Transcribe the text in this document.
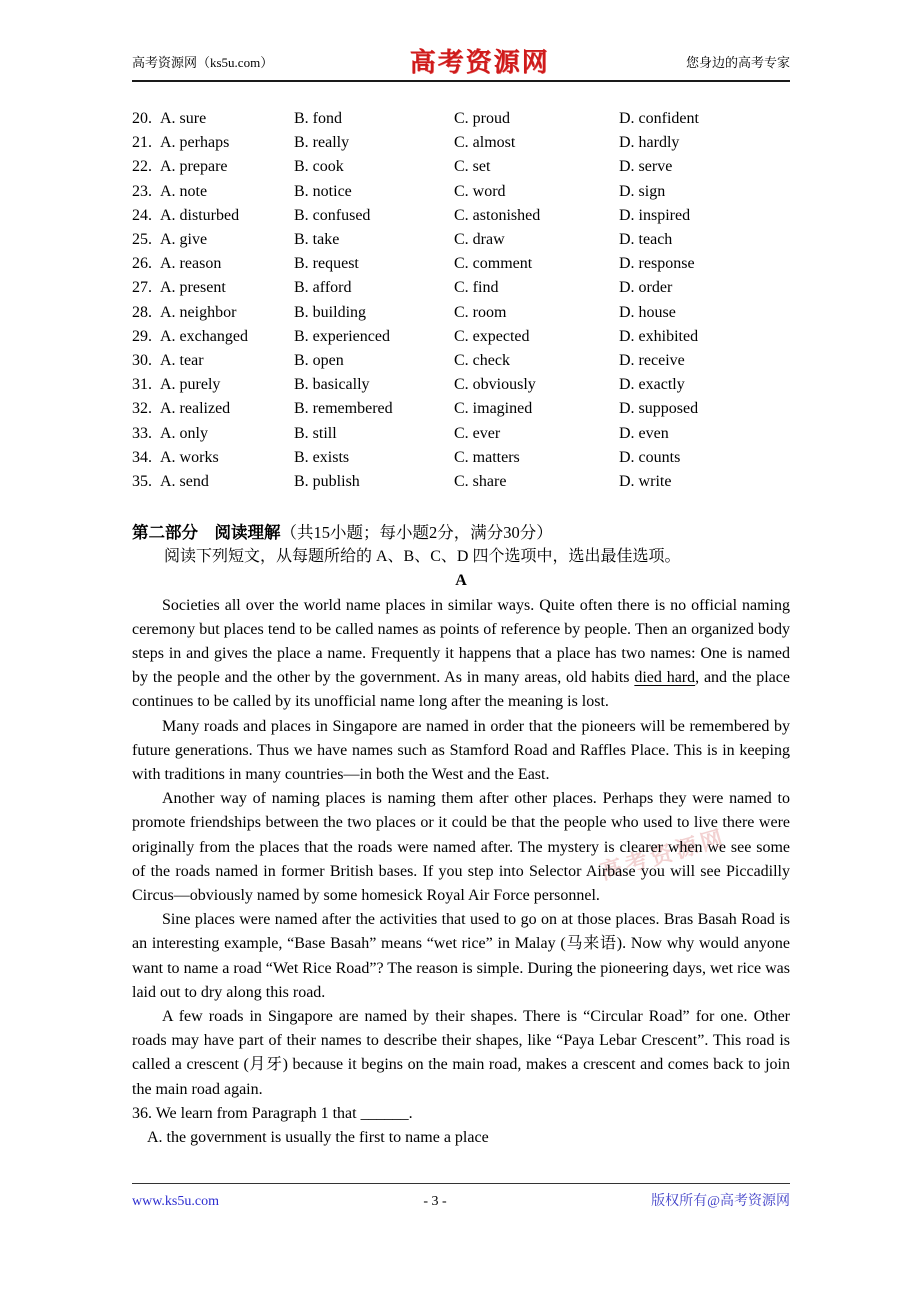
高考资源网
高考资源网（ks5u.com）	高考资源网	您身边的高考专家
20. A. sure	B. fond	C. proud	D. confident
21. A. perhaps	B. really	C. almost	D. hardly
22. A. prepare	B. cook	C. set	D. serve
23. A. note	B. notice	C. word	D. sign
24. A. disturbed	B. confused	C. astonished	D. inspired
25. A. give	B. take	C. draw	D. teach
26. A. reason	B. request	C. comment	D. response
27. A. present	B. afford	C. find	D. order
28. A. neighbor	B. building	C. room	D. house
29. A. exchanged	B. experienced	C. expected	D. exhibited
30. A. tear	B. open	C. check	D. receive
31. A. purely	B. basically	C. obviously	D. exactly
32. A. realized	B. remembered	C. imagined	D. supposed
33. A. only	B. still	C. ever	D. even
34. A. works	B. exists	C. matters	D. counts
35. A. send	B. publish	C. share	D. write

第二部分　阅读理解（共15小题；每小题2分，满分30分）

阅读下列短文，从每题所给的 A、B、C、D 四个选项中，选出最佳选项。

A

Societies all over the world name places in similar ways. Quite often there is no official naming ceremony but places tend to be called names as points of reference by people. Then an organized body steps in and gives the place a name. Frequently it happens that a place has two names: One is named by the people and the other by the government. As in many areas, old habits died hard, and the place continues to be called by its unofficial name long after the meaning is lost.

Many roads and places in Singapore are named in order that the pioneers will be remembered by future generations. Thus we have names such as Stamford Road and Raffles Place. This is in keeping with traditions in many countries—in both the West and the East.

Another way of naming places is naming them after other places. Perhaps they were named to promote friendships between the two places or it could be that the people who used to live there were originally from the places that the roads were named after. The mystery is clearer when we see some of the roads named in former British bases. If you step into Selector Airbase you will see Piccadilly Circus—obviously named by some homesick Royal Air Force personnel.

Sine places were named after the activities that used to go on at those places. Bras Basah Road is an interesting example, “Base Basah” means “wet rice” in Malay (马来语). Now why would anyone want to name a road “Wet Rice Road”? The reason is simple. During the pioneering days, wet rice was laid out to dry along this road.

A few roads in Singapore are named by their shapes. There is “Circular Road” for one. Other roads may have part of their names to describe their shapes, like “Paya Lebar Crescent”. This road is called a crescent (月牙) because it begins on the main road, makes a crescent and comes back to join the main road again.

36. We learn from Paragraph 1 that ______.

A. the government is usually the first to name a place

www.ks5u.com	- 3 -	版权所有@高考资源网
